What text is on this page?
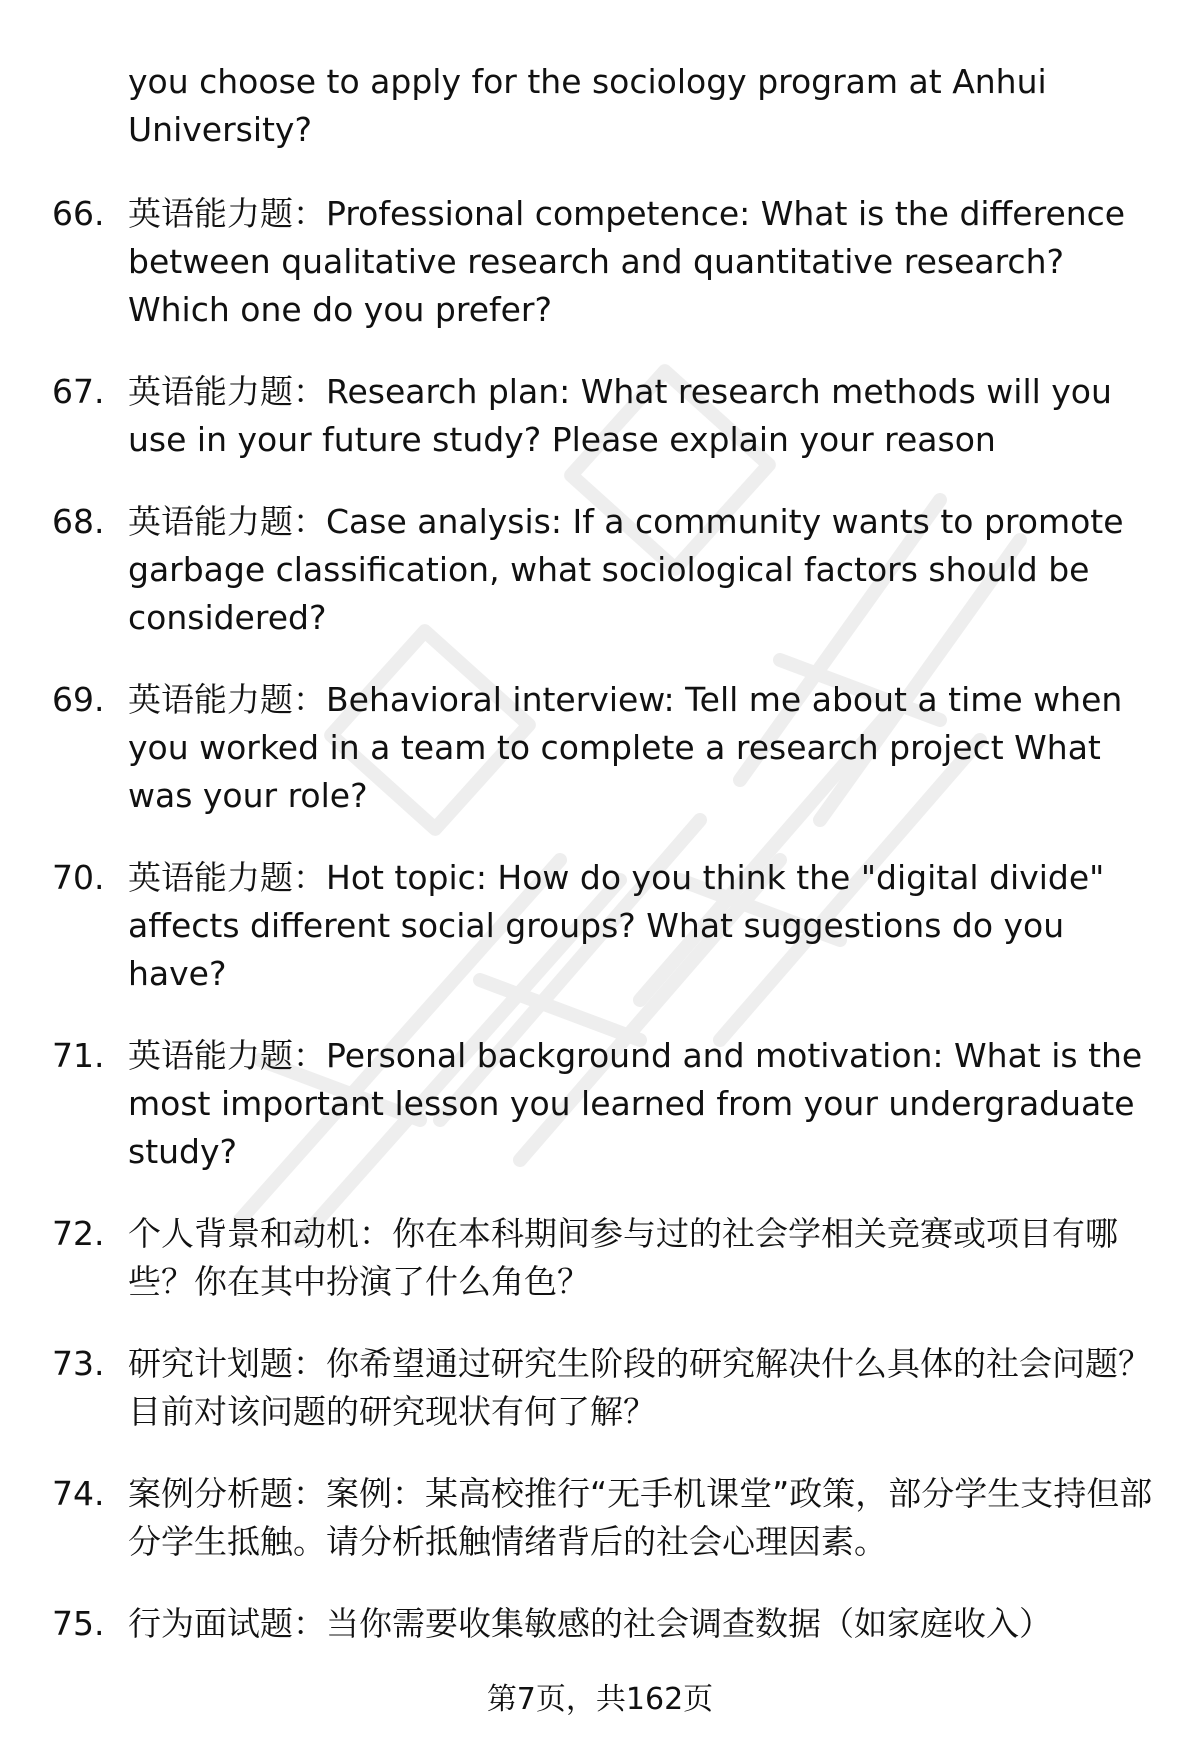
you choose to apply for the sociology program at Anhui University?
66. 英语能力题：Professional competence: What is the difference between qualitative research and quantitative research? Which one do you prefer?
67. 英语能力题：Research plan: What research methods will you use in your future study? Please explain your reason
68. 英语能力题：Case analysis: If a community wants to promote garbage classification, what sociological factors should be considered?
69. 英语能力题：Behavioral interview: Tell me about a time when you worked in a team to complete a research project What was your role?
70. 英语能力题：Hot topic: How do you think the "digital divide" affects different social groups? What suggestions do you have?
71. 英语能力题：Personal background and motivation: What is the most important lesson you learned from your undergraduate study?
72. 个人背景和动机：你在本科期间参与过的社会学相关竞赛或项目有哪些？你在其中扮演了什么角色？
73. 研究计划题：你希望通过研究生阶段的研究解决什么具体的社会问题？目前对该问题的研究现状有何了解？
74. 案例分析题：案例：某高校推行“无手机课堂”政策，部分学生支持但部分学生抵触。请分析抵触情绪背后的社会心理因素。
75. 行为面试题：当你需要收集敏感的社会调查数据（如家庭收入）
第7页，共162页
